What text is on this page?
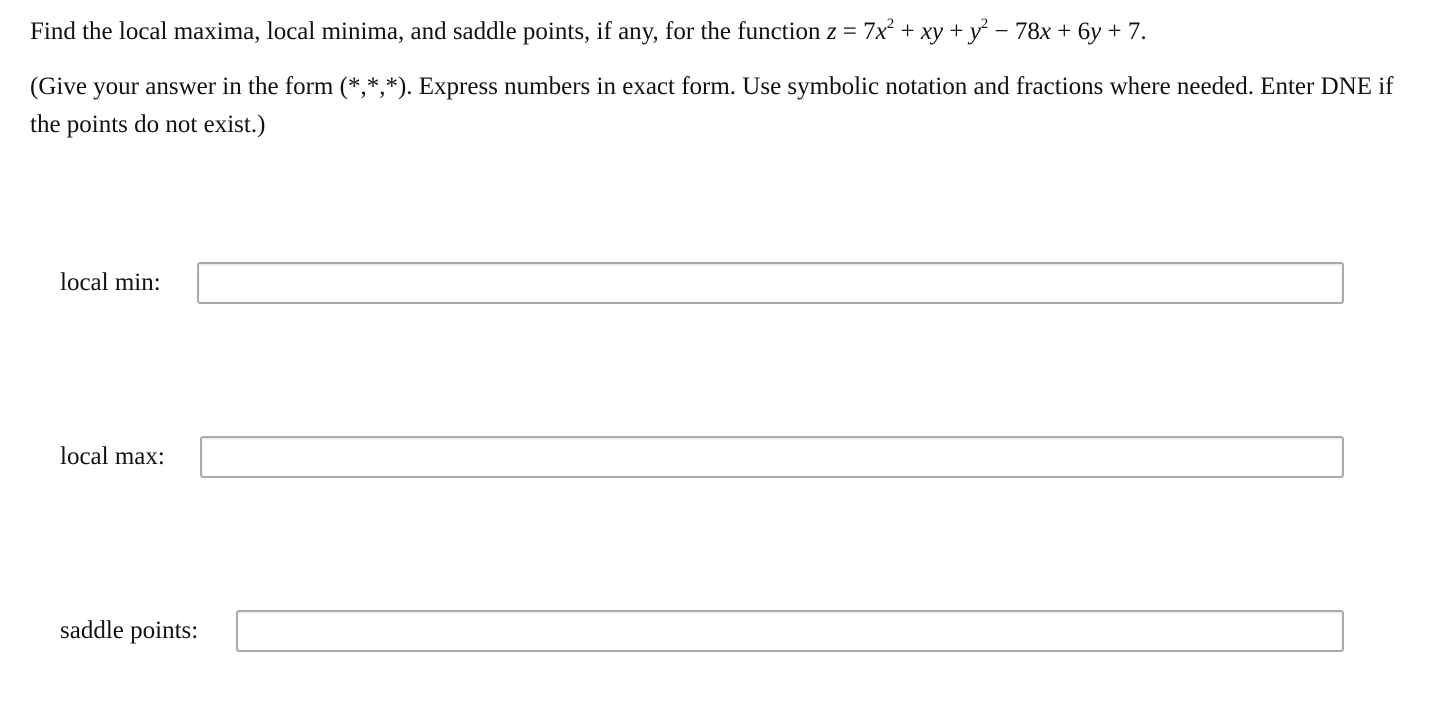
Find the local maxima, local minima, and saddle points, if any, for the function $z = 7x^2$ + xy + $y^2 - 78x + 6y + 7$.
(Give your answer in the form (*,*,*). Express numbers in exact form. Use symbolic notation and fractions where needed. Enter DNE if the points do not exist.)
local min:
local max:
saddle points:
